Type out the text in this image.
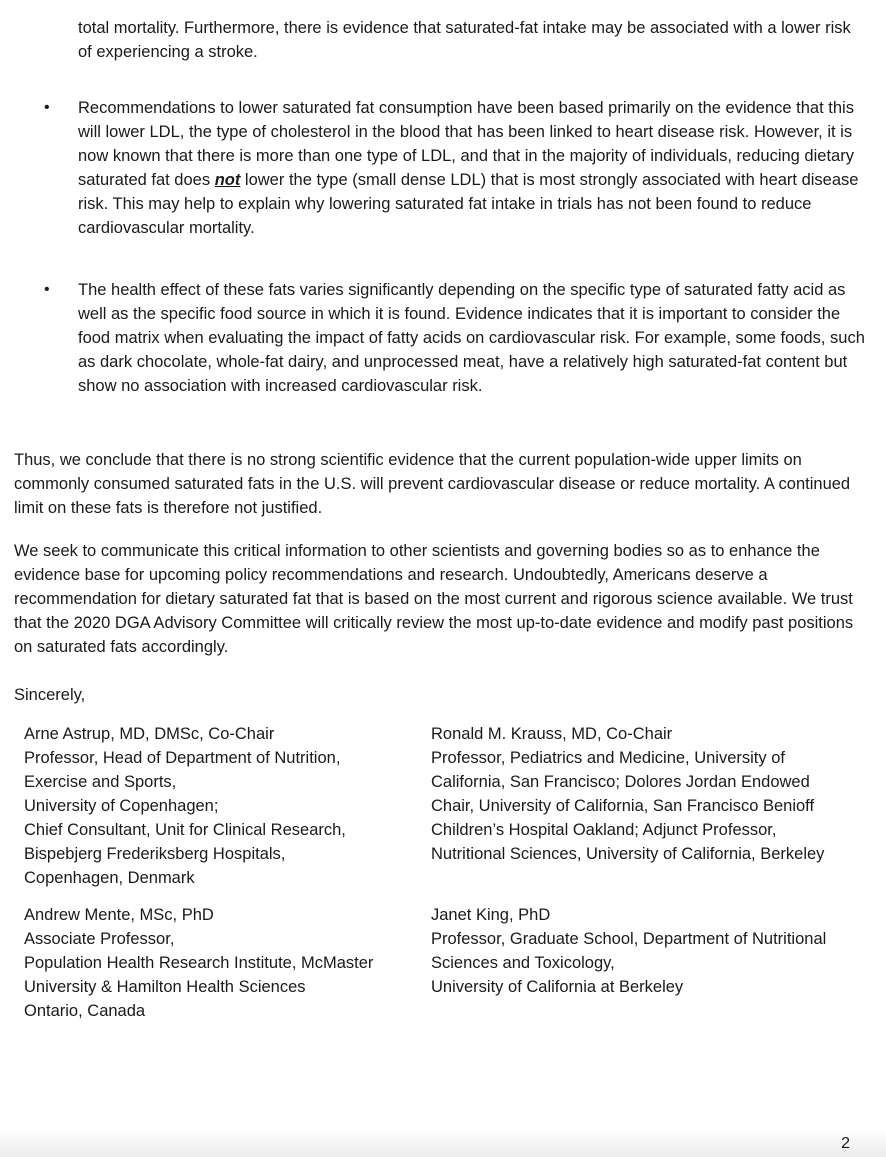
total mortality. Furthermore, there is evidence that saturated-fat intake may be associated with a lower risk of experiencing a stroke.

•	Recommendations to lower saturated fat consumption have been based primarily on the evidence that this will lower LDL, the type of cholesterol in the blood that has been linked to heart disease risk. However, it is now known that there is more than one type of LDL, and that in the majority of individuals, reducing dietary saturated fat does not lower the type (small dense LDL) that is most strongly associated with heart disease risk. This may help to explain why lowering saturated fat intake in trials has not been found to reduce cardiovascular mortality.

•	The health effect of these fats varies significantly depending on the specific type of saturated fatty acid as well as the specific food source in which it is found. Evidence indicates that it is important to consider the food matrix when evaluating the impact of fatty acids on cardiovascular risk. For example, some foods, such as dark chocolate, whole-fat dairy, and unprocessed meat, have a relatively high saturated-fat content but show no association with increased cardiovascular risk.

Thus, we conclude that there is no strong scientific evidence that the current population-wide upper limits on commonly consumed saturated fats in the U.S. will prevent cardiovascular disease or reduce mortality. A continued limit on these fats is therefore not justified.

We seek to communicate this critical information to other scientists and governing bodies so as to enhance the evidence base for upcoming policy recommendations and research. Undoubtedly, Americans deserve a recommendation for dietary saturated fat that is based on the most current and rigorous science available. We trust that the 2020 DGA Advisory Committee will critically review the most up-to-date evidence and modify past positions on saturated fats accordingly.

Sincerely,

Arne Astrup, MD, DMSc, Co-Chair
Professor, Head of Department of Nutrition,
Exercise and Sports,
University of Copenhagen;
Chief Consultant, Unit for Clinical Research,
Bispebjerg Frederiksberg Hospitals,
Copenhagen, Denmark
Ronald M. Krauss, MD, Co-Chair
Professor, Pediatrics and Medicine, University of
California, San Francisco; Dolores Jordan Endowed
Chair, University of California, San Francisco Benioff
Children’s Hospital Oakland; Adjunct Professor,
Nutritional Sciences, University of California, Berkeley
Andrew Mente, MSc, PhD
Associate Professor,
Population Health Research Institute, McMaster
University & Hamilton Health Sciences
Ontario, Canada
Janet King, PhD
Professor, Graduate School, Department of Nutritional
Sciences and Toxicology,
University of California at Berkeley
2
